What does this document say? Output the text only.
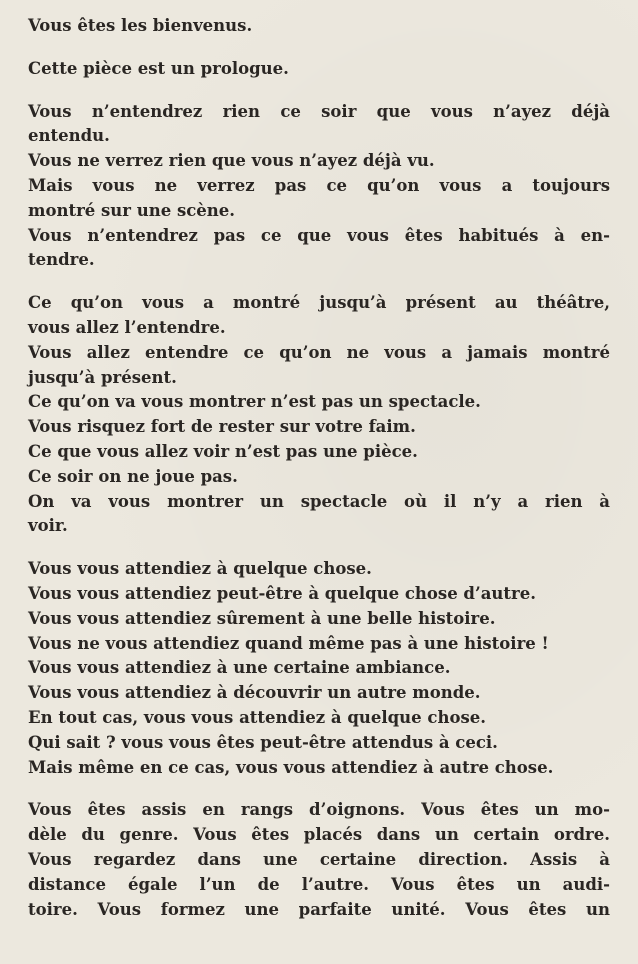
Vous êtes les bienvenus.
Cette pièce est un prologue.
Vous n’entendrez rien ce soir que vous n’ayez déjà
entendu.
Vous ne verrez rien que vous n’ayez déjà vu.
Mais vous ne verrez pas ce qu’on vous a toujours
montré sur une scène.
Vous n’entendrez pas ce que vous êtes habitués à en-
tendre.
Ce qu’on vous a montré jusqu’à présent au théâtre,
vous allez l’entendre.
Vous allez entendre ce qu’on ne vous a jamais montré
jusqu’à présent.
Ce qu’on va vous montrer n’est pas un spectacle.
Vous risquez fort de rester sur votre faim.
Ce que vous allez voir n’est pas une pièce.
Ce soir on ne joue pas.
On va vous montrer un spectacle où il n’y a rien à
voir.
Vous vous attendiez à quelque chose.
Vous vous attendiez peut-être à quelque chose d’autre.
Vous vous attendiez sûrement à une belle histoire.
Vous ne vous attendiez quand même pas à une histoire !
Vous vous attendiez à une certaine ambiance.
Vous vous attendiez à découvrir un autre monde.
En tout cas, vous vous attendiez à quelque chose.
Qui sait ? vous vous êtes peut-être attendus à ceci.
Mais même en ce cas, vous vous attendiez à autre chose.
Vous êtes assis en rangs d’oignons. Vous êtes un mo-
dèle du genre. Vous êtes placés dans un certain ordre.
Vous regardez dans une certaine direction. Assis à
distance égale l’un de l’autre. Vous êtes un audi-
toire. Vous formez une parfaite unité. Vous êtes un
